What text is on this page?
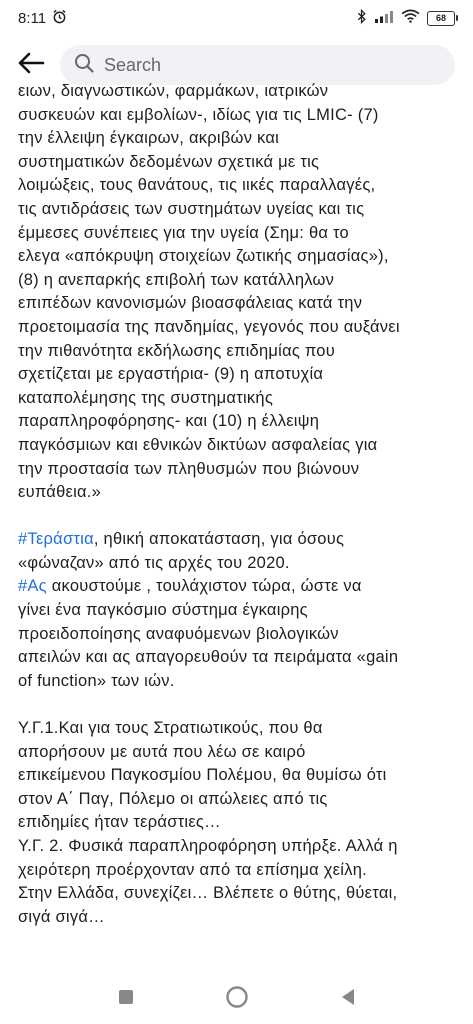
8:11	68
Search

ειων, διαγνωστικών, φαρμάκων, ιατρικών

συσκευών και εμβολίων-, ιδίως για τις LMIC- (7)

την έλλειψη έγκαιρων, ακριβών και

συστηματικών δεδομένων σχετικά με τις

λοιμώξεις, τους θανάτους, τις ιικές παραλλαγές,

τις αντιδράσεις των συστημάτων υγείας και τις

έμμεσες συνέπειες για την υγεία (Σημ: θα το

ελεγα «απόκρυψη στοιχείων ζωτικής σημασίας»),

(8) η ανεπαρκής επιβολή των κατάλληλων

επιπέδων κανονισμών βιοασφάλειας κατά την

προετοιμασία της πανδημίας, γεγονός που αυξάνει

την πιθανότητα εκδήλωσης επιδημίας που

σχετίζεται με εργαστήρια- (9) η αποτυχία

καταπολέμησης της συστηματικής

παραπληροφόρησης- και (10) η έλλειψη

παγκόσμιων και εθνικών δικτύων ασφαλείας για

την προστασία των πληθυσμών που βιώνουν

ευπάθεια.»

#Τεράστια, ηθική αποκατάσταση, για όσους

«φώναζαν» από τις αρχές του 2020.

#Ας ακουστούμε , τουλάχιστον τώρα, ώστε να

γίνει ένα παγκόσμιο σύστημα έγκαιρης

προειδοποίησης αναφυόμενων βιολογικών

απειλών και ας απαγορευθούν τα πειράματα «gain

of function» των ιών.

Υ.Γ.1.Και για τους Στρατιωτικούς, που θα

απορήσουν με αυτά που λέω σε καιρό

επικείμενου Παγκοσμίου Πολέμου, θα θυμίσω ότι

στον Α΄ Παγ, Πόλεμο οι απώλειες από τις

επιδημίες ήταν τεράστιες…

Υ.Γ. 2. Φυσικά παραπληροφόρηση υπήρξε. Αλλά η

χειρότερη προέρχονταν από τα επίσημα χείλη.

Στην Ελλάδα, συνεχίζει… Βλέπετε ο θύτης, θύεται,

σιγά σιγά…
